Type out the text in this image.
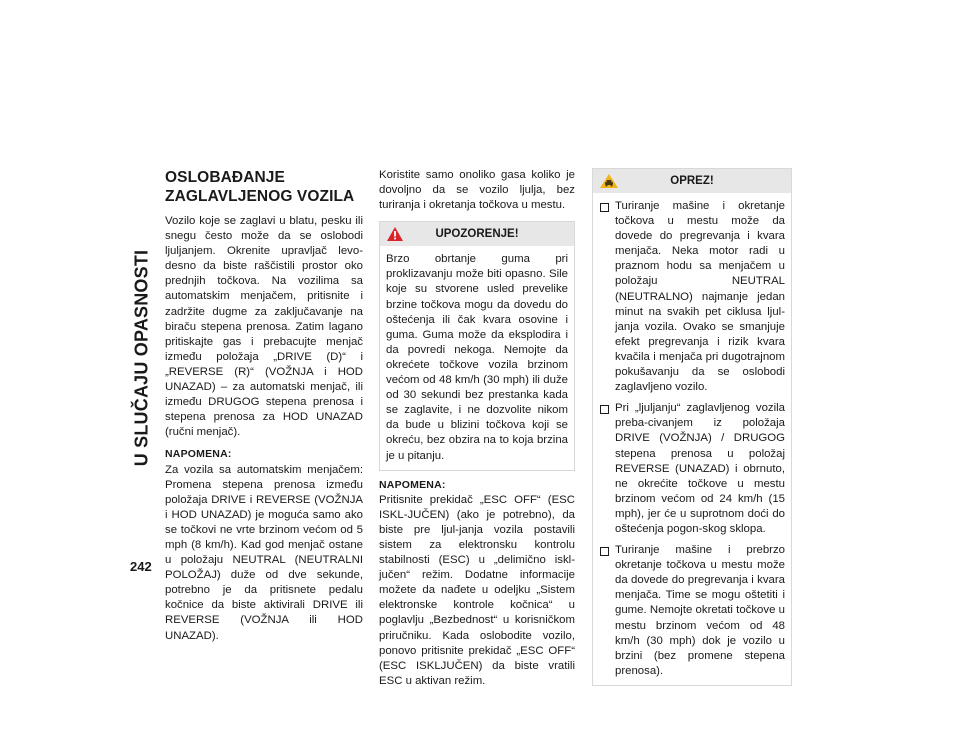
U SLUČAJU OPASNOSTI
242
OSLOBAĐANJE ZAGLAVLJENOG VOZILA

Vozilo koje se zaglavi u blatu, pesku ili snegu često može da se oslobodi ljuljanjem. Okrenite upravljač levo-desno da biste raščistili prostor oko prednjih točkova. Na vozilima sa automatskim menjačem, pritisnite i zadržite dugme za zaključavanje na biraču stepena prenosa. Zatim lagano pritiskajte gas i prebacujte menjač između položaja „DRIVE (D)“ i „REVERSE (R)“ (VOŽNJA i HOD UNAZAD) – za automatski menjač, ili između DRUGOG stepena prenosa i stepena prenosa za HOD UNAZAD (ručni menjač).

NAPOMENA:

Za vozila sa automatskim menjačem: Promena stepena prenosa između položaja DRIVE i REVERSE (VOŽNJA i HOD UNAZAD) je moguća samo ako se točkovi ne vrte brzinom većom od 5 mph (8 km/h). Kad god menjač ostane u položaju NEUTRAL (NEUTRALNI POLOŽAJ) duže od dve sekunde, potrebno je da pritisnete pedalu kočnice da biste aktivirali DRIVE ili REVERSE (VOŽNJA ili HOD UNAZAD).

Koristite samo onoliko gasa koliko je dovoljno da se vozilo ljulja, bez turiranja i okretanja točkova u mestu.

UPOZORENJE!

Brzo obrtanje guma pri proklizavanju može biti opasno. Sile koje su stvorene usled prevelike brzine točkova mogu da dovedu do oštećenja ili čak kvara osovine i guma. Guma može da eksplodira i da povredi nekoga. Nemojte da okrećete točkove vozila brzinom većom od 48 km/h (30 mph) ili duže od 30 sekundi bez prestanka kada se zaglavite, i ne dozvolite nikom da bude u blizini točkova koji se okreću, bez obzira na to koja brzina je u pitanju.

NAPOMENA:

Pritisnite prekidač „ESC OFF“ (ESC ISKL-JUČEN) (ako je potrebno), da biste pre ljul-janja vozila postavili sistem za elektronsku kontrolu stabilnosti (ESC) u „delimično iskl-jučen“ režim. Dodatne informacije možete da nađete u odeljku „Sistem elektronske kontrole kočnica“ u poglavlju „Bezbednost“ u korisničkom priručniku. Kada oslobodite vozilo, ponovo pritisnite prekidač „ESC OFF“ (ESC ISKLJUČEN) da biste vratili ESC u aktivan režim.

OPREZ!

Turiranje mašine i okretanje točkova u mestu može da dovede do pregrevanja i kvara menjača. Neka motor radi u praznom hodu sa menjačem u položaju NEUTRAL (NEUTRALNO) najmanje jedan minut na svakih pet ciklusa ljul-janja vozila. Ovako se smanjuje efekt pregrevanja i rizik kvara kvačila i menjača pri dugotrajnom pokušavanju da se oslobodi zaglavljeno vozilo.

Pri „ljuljanju“ zaglavljenog vozila preba-civanjem iz položaja DRIVE (VOŽNJA) / DRUGOG stepena prenosa u položaj REVERSE (UNAZAD) i obrnuto, ne okrećite točkove u mestu brzinom većom od 24 km/h (15 mph), jer će u suprotnom doći do oštećenja pogon-skog sklopa.

Turiranje mašine i prebrzo okretanje točkova u mestu može da dovede do pregrevanja i kvara menjača. Time se mogu oštetiti i gume. Nemojte okretati točkove u mestu brzinom većom od 48 km/h (30 mph) dok je vozilo u brzini (bez promene stepena prenosa).
